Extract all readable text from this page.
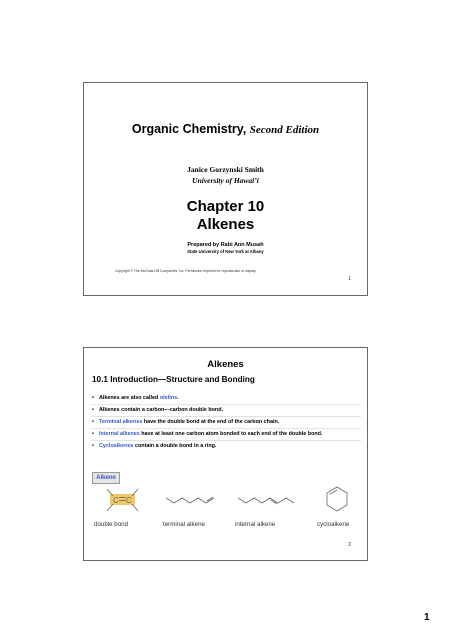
Organic Chemistry, Second Edition
Janice Gorzynski Smith
University of Hawai’i
Chapter 10
Alkenes
Prepared by Rabi Ann Musah
State University of New York at Albany
Copyright © The McGraw-Hill Companies, Inc. Permission required for reproduction or display.
1
Alkenes
10.1 Introduction—Structure and Bonding
• Alkenes are also called olefins.
• Alkenes contain a carbon—carbon double bond.
• Terminal alkenes have the double bond at the end of the carbon chain.
• Internal alkenes have at least one carbon atom bonded to each end of the double bond.
• Cycloalkenes contain a double bond in a ring.
Alkene
C C
double bond	terminal alkene	internal alkene	cycloalkene
2
1
